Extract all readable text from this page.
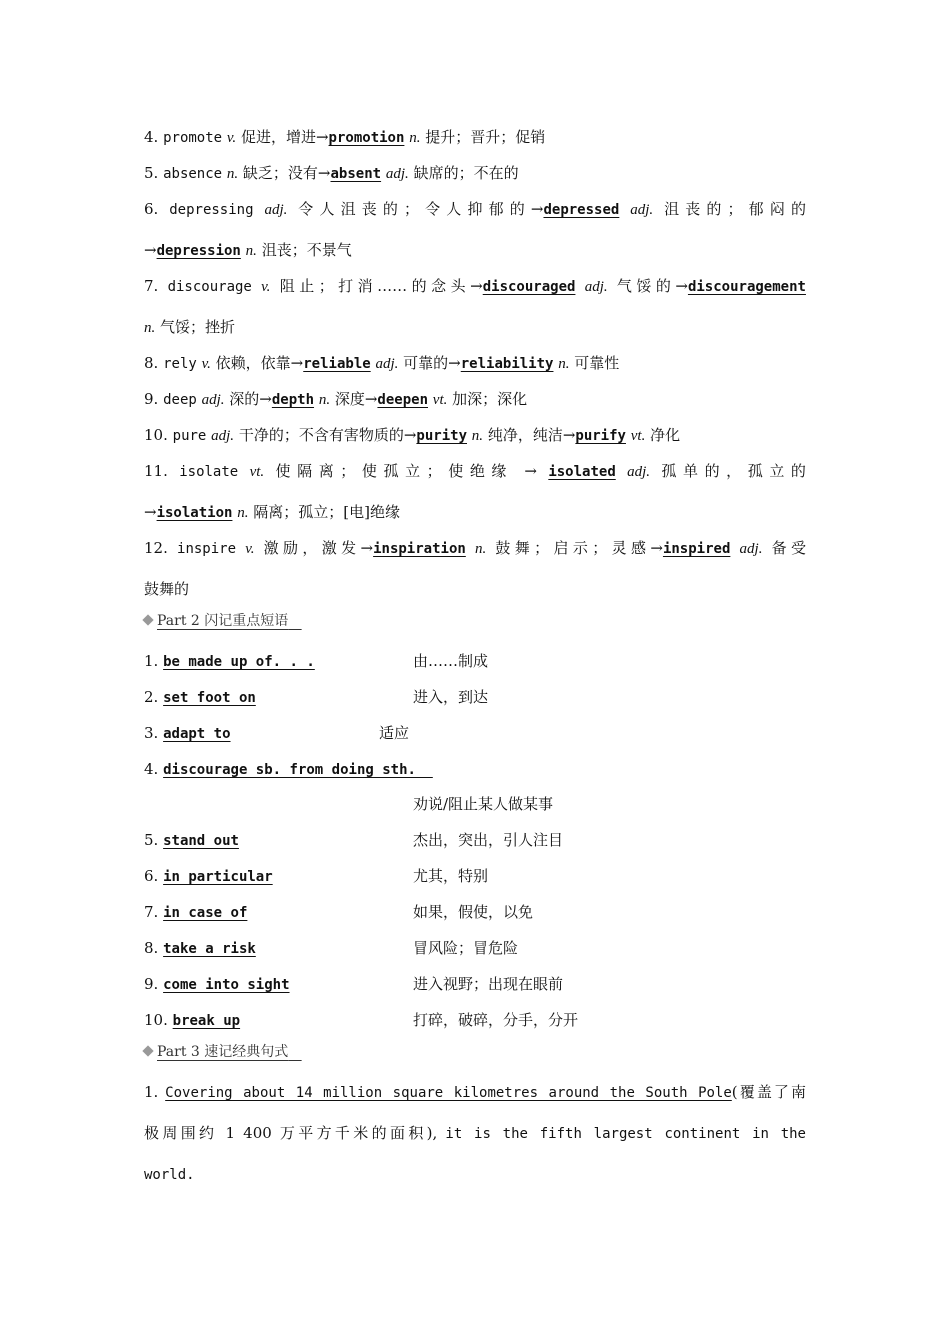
4. promote v. 促进，增进→promotion n. 提升；晋升；促销
5. absence n. 缺乏；没有→absent adj. 缺席的；不在的
6. depressing adj. 令人沮丧的；令人抑郁的→depressed adj. 沮丧的；郁闷的
→depression n. 沮丧；不景气
7. discourage v. 阻止；打消……的念头→discouraged adj. 气馁的→discouragement
n. 气馁；挫折
8. rely v. 依赖，依靠→reliable adj. 可靠的→reliability n. 可靠性
9. deep adj. 深的→depth n. 深度→deepen vt. 加深；深化
10. pure adj. 干净的；不含有害物质的→purity n. 纯净，纯洁→purify vt. 净化
11. isolate vt. 使隔离；使孤立；使绝缘 → isolated adj. 孤单的，孤立的
→isolation n. 隔离；孤立；[电]绝缘
12. inspire v. 激励，激发→inspiration n. 鼓舞；启示；灵感→inspired adj. 备受
鼓舞的
Part 2 闪记重点短语
1. be made up of. . .	由……制成
2. set foot on	进入，到达
3. adapt to	适应
4. discourage sb. from doing sth.
劝说/阻止某人做某事
5. stand out	杰出，突出，引人注目
6. in particular	尤其，特别
7. in case of	如果，假使，以免
8. take a risk	冒风险；冒危险
9. come into sight	进入视野；出现在眼前
10. break up	打碎，破碎，分手，分开
Part 3 速记经典句式
1. Covering about 14 million square kilometres around the South Pole(覆盖了南
极周围约 1 400 万平方千米的面积), it is the fifth largest continent in the
world.
